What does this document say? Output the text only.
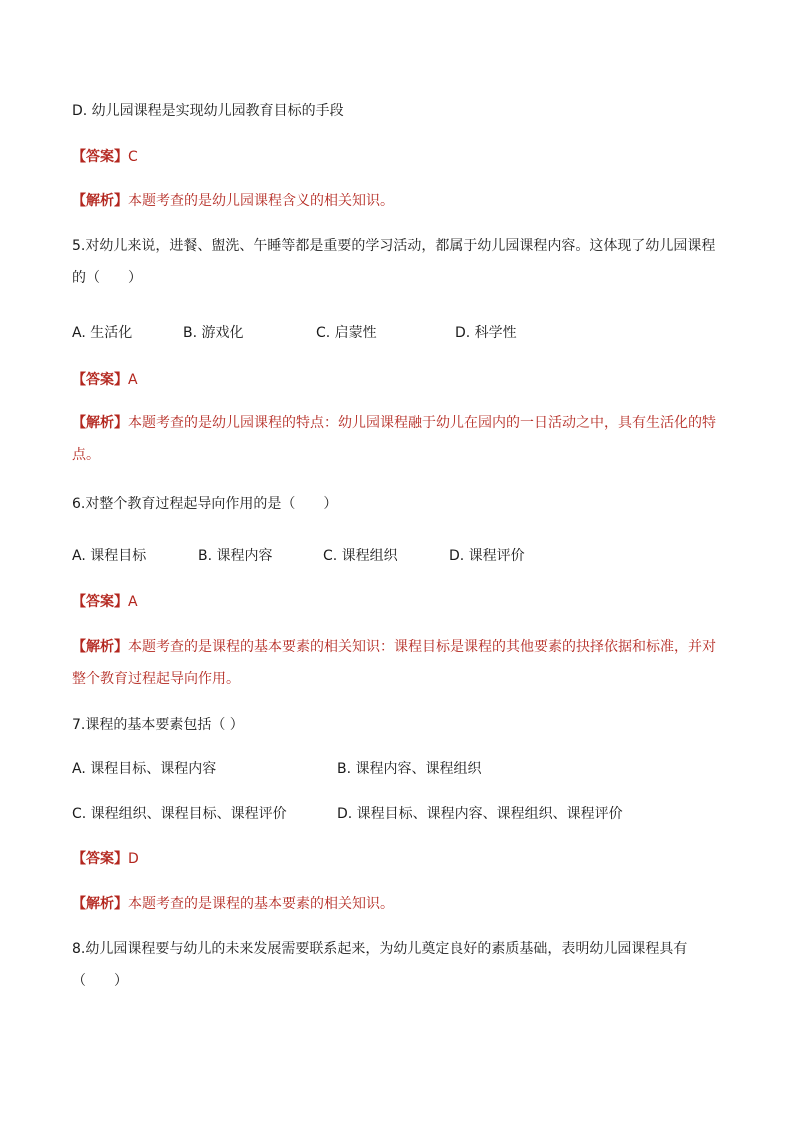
D. 幼儿园课程是实现幼儿园教育目标的手段
【答案】C
【解析】本题考查的是幼儿园课程含义的相关知识。
5.对幼儿来说，进餐、盥洗、午睡等都是重要的学习活动，都属于幼儿园课程内容。这体现了幼儿园课程的（　　）
A. 生活化	B. 游戏化	C. 启蒙性	D. 科学性
【答案】A
【解析】本题考查的是幼儿园课程的特点：幼儿园课程融于幼儿在园内的一日活动之中，具有生活化的特点。
6.对整个教育过程起导向作用的是（　　）
A. 课程目标	B. 课程内容	C. 课程组织	D. 课程评价
【答案】A
【解析】本题考查的是课程的基本要素的相关知识：课程目标是课程的其他要素的抉择依据和标准，并对整个教育过程起导向作用。
7.课程的基本要素包括（ ）
A. 课程目标、课程内容	B. 课程内容、课程组织
C. 课程组织、课程目标、课程评价	D. 课程目标、课程内容、课程组织、课程评价
【答案】D
【解析】本题考查的是课程的基本要素的相关知识。
8.幼儿园课程要与幼儿的未来发展需要联系起来，为幼儿奠定良好的素质基础，表明幼儿园课程具有（　　）
